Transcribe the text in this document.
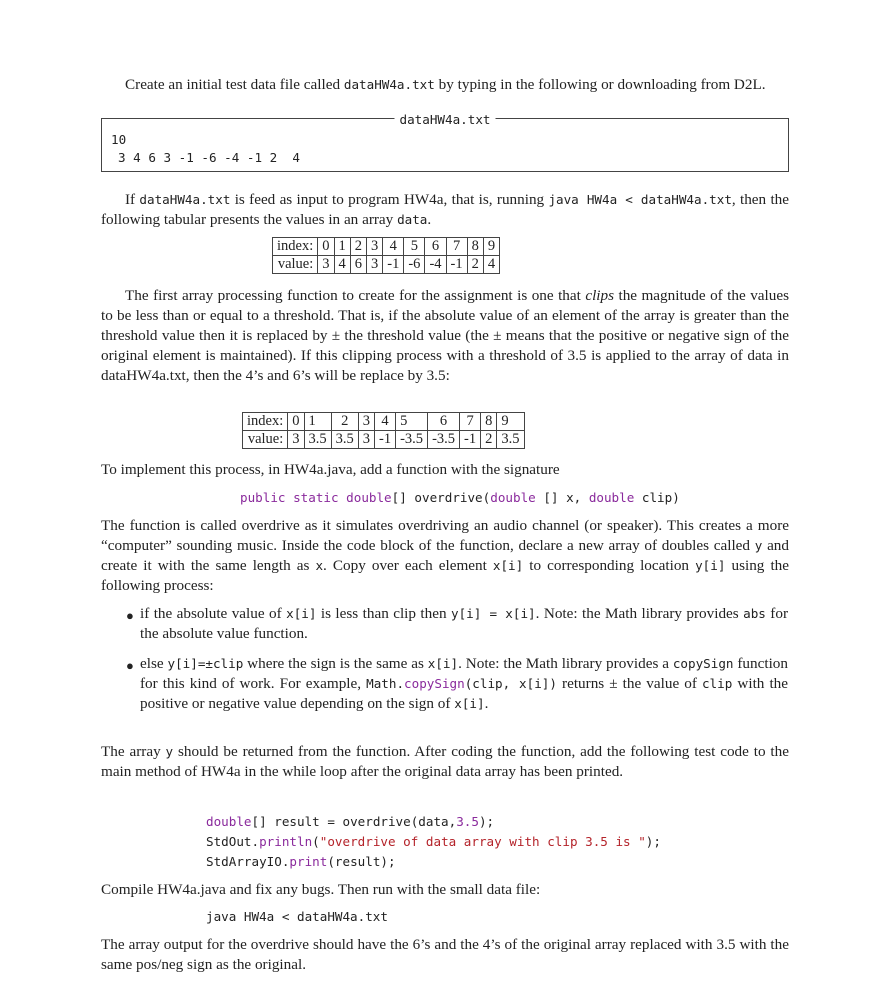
Create an initial test data file called dataHW4a.txt by typing in the following or downloading from D2L.

dataHW4a.txt
10
3 4 6 3 -1 -6 -4 -1 2  4

If dataHW4a.txt is feed as input to program HW4a, that is, running java HW4a < dataHW4a.txt, then the following tabular presents the values in an array data.

index:	0	1	2	3	4	5	6	7	8	9
value:	3	4	6	3	-1	-6	-4	-1	2	4

The first array processing function to create for the assignment is one that clips the magnitude of the values to be less than or equal to a threshold. That is, if the absolute value of an element of the array is greater than the threshold value then it is replaced by ± the threshold value (the ± means that the positive or negative sign of the original element is maintained). If this clipping process with a threshold of 3.5 is applied to the array of data in dataHW4a.txt, then the 4’s and 6’s will be replace by 3.5:

index:	0	1	2	3	4	5	6	7	8	9
value:	3	3.5	3.5	3	-1	-3.5	-3.5	-1	2	3.5

To implement this process, in HW4a.java, add a function with the signature

public static double[] overdrive(double [] x, double clip)

The function is called overdrive as it simulates overdriving an audio channel (or speaker). This creates a more “computer” sounding music. Inside the code block of the function, declare a new array of doubles called y and create it with the same length as x. Copy over each element x[i] to corresponding location y[i] using the following process:

● if the absolute value of x[i] is less than clip then y[i] = x[i]. Note: the Math library provides abs for the absolute value function.

● else y[i]=±clip where the sign is the same as x[i]. Note: the Math library provides a copySign function for this kind of work. For example, Math.copySign(clip, x[i]) returns ± the value of clip with the positive or negative value depending on the sign of x[i].

The array y should be returned from the function. After coding the function, add the following test code to the main method of HW4a in the while loop after the original data array has been printed.

double[] result = overdrive(data,3.5);
StdOut.println("overdrive of data array with clip 3.5 is ");
StdArrayIO.print(result);

Compile HW4a.java and fix any bugs. Then run with the small data file:

java HW4a < dataHW4a.txt

The array output for the overdrive should have the 6’s and the 4’s of the original array replaced with 3.5 with the same pos/neg sign as the original.
